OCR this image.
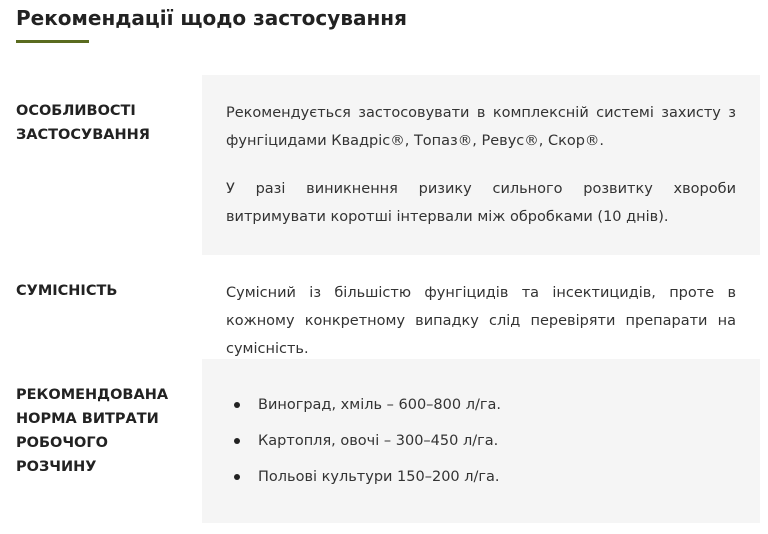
Рекомендації щодо застосування
ОСОБЛИВОСТІ ЗАСТОСУВАННЯ

Рекомендується застосовувати в комплексній системі захисту з фунгіцидами Квадріс®, Топаз®, Ревус®, Скор®.

У разі виникнення ризику сильного розвитку хвороби витримувати коротші інтервали між обробками (10 днів).

СУМІСНІСТЬ	Сумісний із більшістю фунгіцидів та інсектицидів, проте в кожному конкретному випадку слід перевіряти препарати на сумісність.

РЕКОМЕНДОВАНА НОРМА ВИТРАТИ РОБОЧОГО РОЗЧИНУ
Виноград, хміль – 600–800 л/га.
Картопля, овочі – 300–450 л/га.
Польові культури 150–200 л/га.
